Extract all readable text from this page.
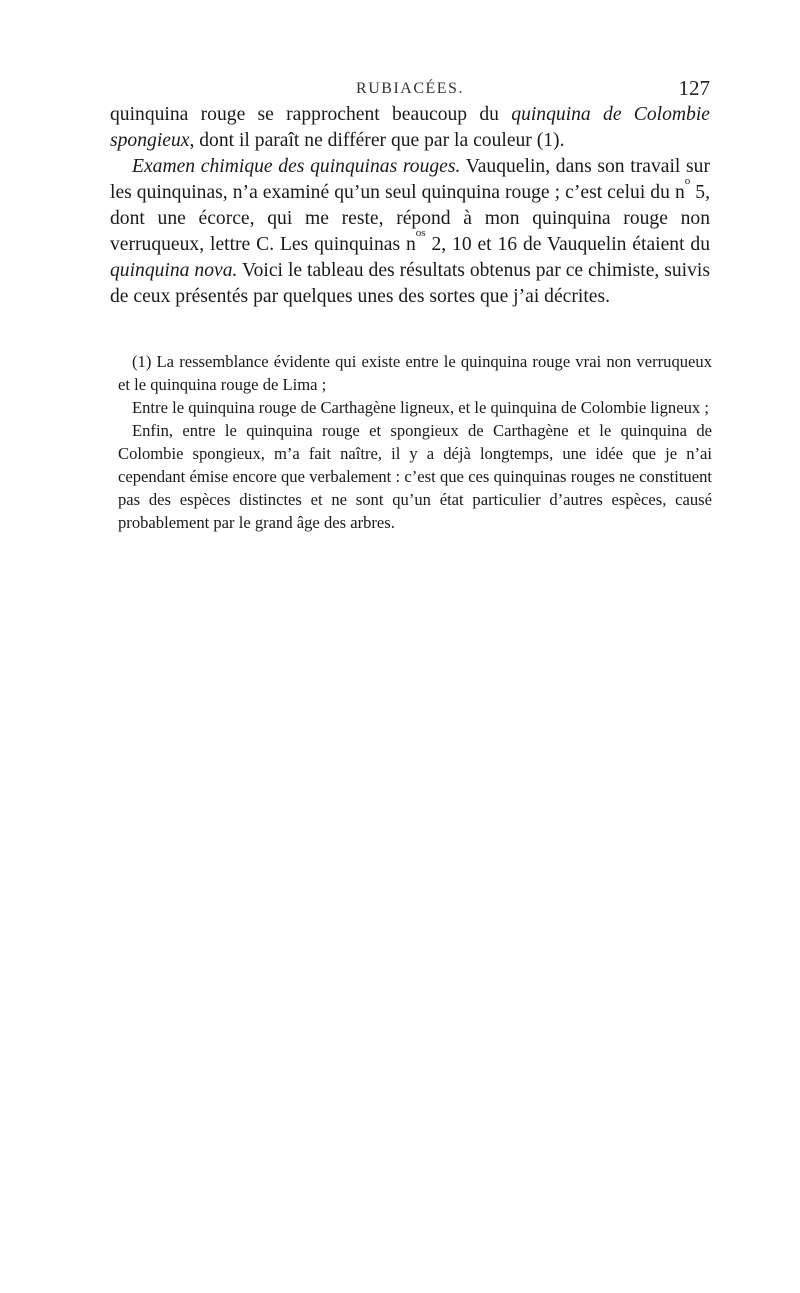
RUBIACÉES.	127

quinquina rouge se rapprochent beaucoup du quinquina de Colombie spongieux, dont il paraît ne différer que par la couleur (1).

Examen chimique des quinquinas rouges. Vauquelin, dans son travail sur les quinquinas, n’a examiné qu’un seul quinquina rouge ; c’est celui du $n^o$ 5, dont une écorce, qui me reste, répond à mon quinquina rouge non verruqueux, lettre C. Les quinquinas $n^{os}$ 2, 10 et 16 de Vauquelin étaient du quinquina nova. Voici le tableau des résultats obtenus par ce chimiste, suivis de ceux présentés par quelques unes des sortes que j’ai décrites.

(1) La ressemblance évidente qui existe entre le quinquina rouge vrai non verruqueux et le quinquina rouge de Lima ;

Entre le quinquina rouge de Carthagène ligneux, et le quinquina de Colombie ligneux ;

Enfin, entre le quinquina rouge et spongieux de Carthagène et le quinquina de Colombie spongieux, m’a fait naître, il y a déjà longtemps, une idée que je n’ai cependant émise encore que verbalement : c’est que ces quinquinas rouges ne constituent pas des espèces distinctes et ne sont qu’un état particulier d’autres espèces, causé probablement par le grand âge des arbres.
